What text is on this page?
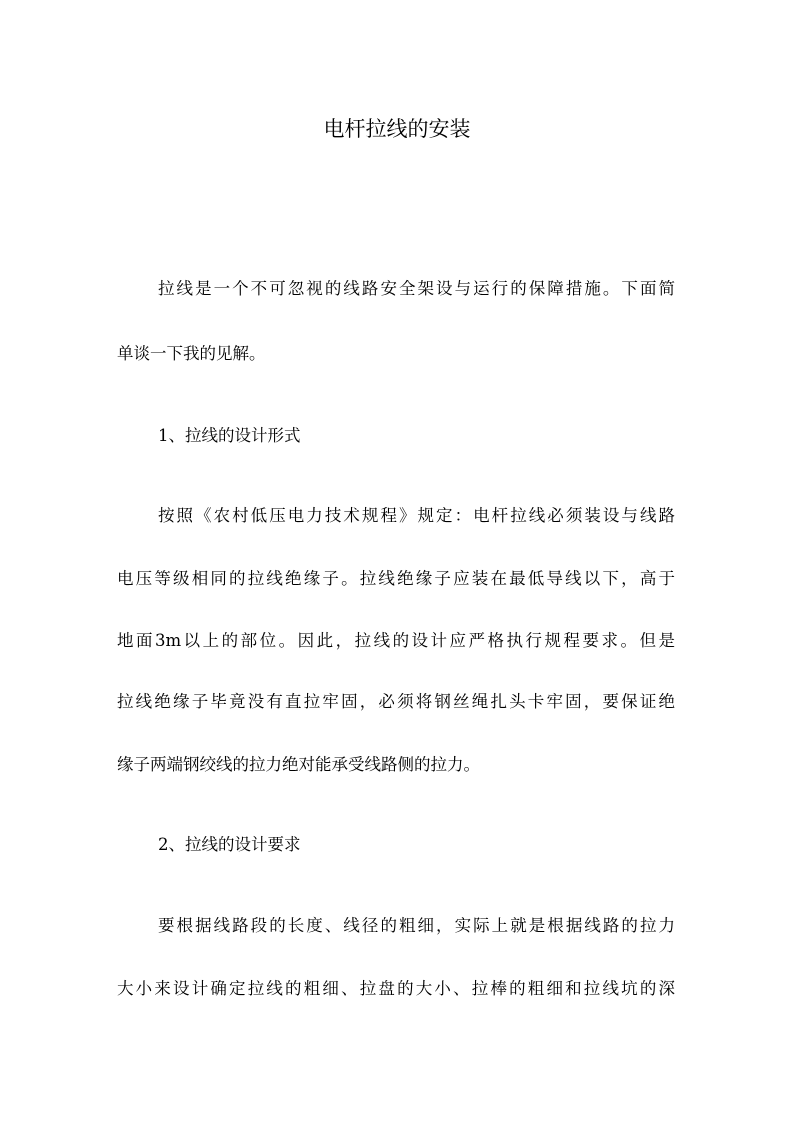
电杆拉线的安装
拉线是一个不可忽视的线路安全架设与运行的保障措施。下面简
单谈一下我的见解。
1、拉线的设计形式
按照《农村低压电力技术规程》规定：电杆拉线必须装设与线路
电压等级相同的拉线绝缘子。拉线绝缘子应装在最低导线以下，高于
地面3m以上的部位。因此，拉线的设计应严格执行规程要求。但是
拉线绝缘子毕竟没有直拉牢固，必须将钢丝绳扎头卡牢固，要保证绝
缘子两端钢绞线的拉力绝对能承受线路侧的拉力。
2、拉线的设计要求
要根据线路段的长度、线径的粗细，实际上就是根据线路的拉力
大小来设计确定拉线的粗细、拉盘的大小、拉棒的粗细和拉线坑的深
